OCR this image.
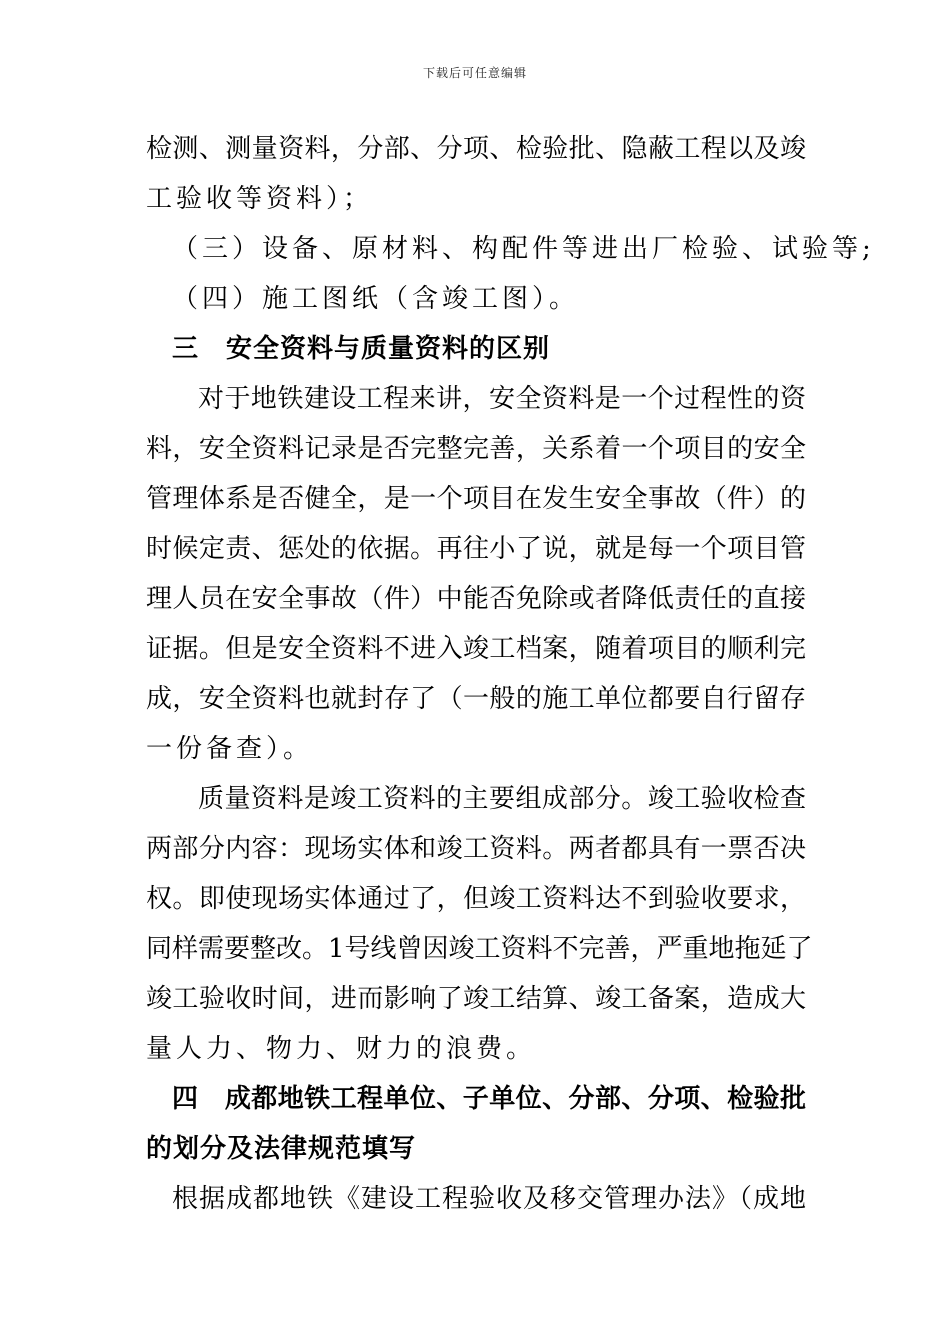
下载后可任意编辑
检测、测量资料，分部、分项、检验批、隐蔽工程以及竣
工验收等资料）；
（三）设备、原材料、构配件等进出厂检验、试验等;
（四）施工图纸（含竣工图）。
三　安全资料与质量资料的区别
对于地铁建设工程来讲，安全资料是一个过程性的资
料，安全资料记录是否完整完善，关系着一个项目的安全
管理体系是否健全，是一个项目在发生安全事故（件）的
时候定责、惩处的依据。再往小了说，就是每一个项目管
理人员在安全事故（件）中能否免除或者降低责任的直接
证据。但是安全资料不进入竣工档案，随着项目的顺利完
成，安全资料也就封存了（一般的施工单位都要自行留存
一份备查）。
质量资料是竣工资料的主要组成部分。竣工验收检查
两部分内容：现场实体和竣工资料。两者都具有一票否决
权。即使现场实体通过了，但竣工资料达不到验收要求，
同样需要整改。1号线曾因竣工资料不完善，严重地拖延了
竣工验收时间，进而影响了竣工结算、竣工备案，造成大
量人力、物力、财力的浪费。
四　成都地铁工程单位、子单位、分部、分项、检验批
的划分及法律规范填写
根据成都地铁《建设工程验收及移交管理办法》（成地
